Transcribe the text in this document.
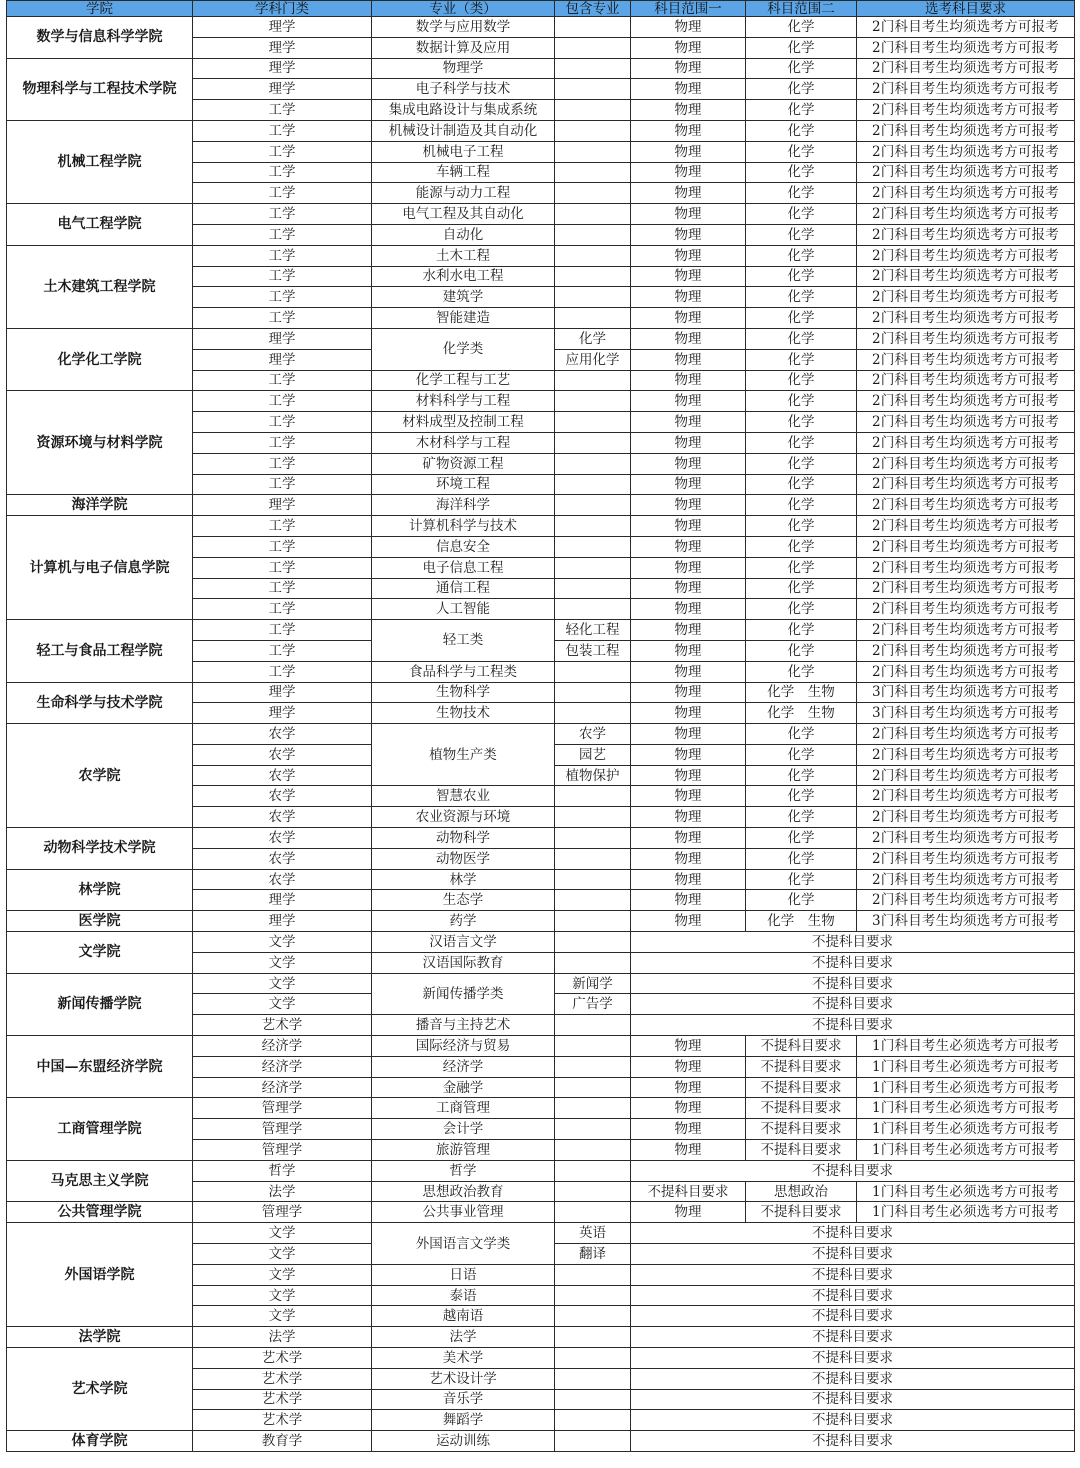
学院	学科门类	专业（类）	包含专业	科目范围一	科目范围二	选考科目要求
数学与信息科学学院	理学	数学与应用数学		物理	化学	2门科目考生均须选考方可报考
	理学	数据计算及应用		物理	化学	2门科目考生均须选考方可报考
物理科学与工程技术学院	理学	物理学		物理	化学	2门科目考生均须选考方可报考
	理学	电子科学与技术		物理	化学	2门科目考生均须选考方可报考
	工学	集成电路设计与集成系统		物理	化学	2门科目考生均须选考方可报考
机械工程学院	工学	机械设计制造及其自动化		物理	化学	2门科目考生均须选考方可报考
	工学	机械电子工程		物理	化学	2门科目考生均须选考方可报考
	工学	车辆工程		物理	化学	2门科目考生均须选考方可报考
	工学	能源与动力工程		物理	化学	2门科目考生均须选考方可报考
电气工程学院	工学	电气工程及其自动化		物理	化学	2门科目考生均须选考方可报考
	工学	自动化		物理	化学	2门科目考生均须选考方可报考
土木建筑工程学院	工学	土木工程		物理	化学	2门科目考生均须选考方可报考
	工学	水利水电工程		物理	化学	2门科目考生均须选考方可报考
	工学	建筑学		物理	化学	2门科目考生均须选考方可报考
	工学	智能建造		物理	化学	2门科目考生均须选考方可报考
化学化工学院	理学	化学类	化学	物理	化学	2门科目考生均须选考方可报考
	理学		应用化学	物理	化学	2门科目考生均须选考方可报考
	工学	化学工程与工艺		物理	化学	2门科目考生均须选考方可报考
资源环境与材料学院	工学	材料科学与工程		物理	化学	2门科目考生均须选考方可报考
	工学	材料成型及控制工程		物理	化学	2门科目考生均须选考方可报考
	工学	木材科学与工程		物理	化学	2门科目考生均须选考方可报考
	工学	矿物资源工程		物理	化学	2门科目考生均须选考方可报考
	工学	环境工程		物理	化学	2门科目考生均须选考方可报考
海洋学院	理学	海洋科学		物理	化学	2门科目考生均须选考方可报考
计算机与电子信息学院	工学	计算机科学与技术		物理	化学	2门科目考生均须选考方可报考
	工学	信息安全		物理	化学	2门科目考生均须选考方可报考
	工学	电子信息工程		物理	化学	2门科目考生均须选考方可报考
	工学	通信工程		物理	化学	2门科目考生均须选考方可报考
	工学	人工智能		物理	化学	2门科目考生均须选考方可报考
轻工与食品工程学院	工学	轻工类	轻化工程	物理	化学	2门科目考生均须选考方可报考
	工学		包装工程	物理	化学	2门科目考生均须选考方可报考
	工学	食品科学与工程类		物理	化学	2门科目考生均须选考方可报考
生命科学与技术学院	理学	生物科学		物理	化学　生物	3门科目考生均须选考方可报考
	理学	生物技术		物理	化学　生物	3门科目考生均须选考方可报考
农学院	农学	植物生产类	农学	物理	化学	2门科目考生均须选考方可报考
	农学		园艺	物理	化学	2门科目考生均须选考方可报考
	农学		植物保护	物理	化学	2门科目考生均须选考方可报考
	农学	智慧农业		物理	化学	2门科目考生均须选考方可报考
	农学	农业资源与环境		物理	化学	2门科目考生均须选考方可报考
动物科学技术学院	农学	动物科学		物理	化学	2门科目考生均须选考方可报考
	农学	动物医学		物理	化学	2门科目考生均须选考方可报考
林学院	农学	林学		物理	化学	2门科目考生均须选考方可报考
	理学	生态学		物理	化学	2门科目考生均须选考方可报考
医学院	理学	药学		物理	化学　生物	3门科目考生均须选考方可报考
文学院	文学	汉语言文学		不提科目要求		
	文学	汉语国际教育		不提科目要求		
新闻传播学院	文学	新闻传播学类	新闻学	不提科目要求		
	文学		广告学	不提科目要求		
	艺术学	播音与主持艺术		不提科目要求		
中国—东盟经济学院	经济学	国际经济与贸易		物理	不提科目要求	1门科目考生必须选考方可报考
	经济学	经济学		物理	不提科目要求	1门科目考生必须选考方可报考
	经济学	金融学		物理	不提科目要求	1门科目考生必须选考方可报考
工商管理学院	管理学	工商管理		物理	不提科目要求	1门科目考生必须选考方可报考
	管理学	会计学		物理	不提科目要求	1门科目考生必须选考方可报考
	管理学	旅游管理		物理	不提科目要求	1门科目考生必须选考方可报考
马克思主义学院	哲学	哲学		不提科目要求		
	法学	思想政治教育		不提科目要求	思想政治	1门科目考生必须选考方可报考
公共管理学院	管理学	公共事业管理		物理	不提科目要求	1门科目考生必须选考方可报考
外国语学院	文学	外国语言文学类	英语	不提科目要求		
	文学		翻译	不提科目要求		
	文学	日语		不提科目要求		
	文学	泰语		不提科目要求		
	文学	越南语		不提科目要求		
法学院	法学	法学		不提科目要求		
艺术学院	艺术学	美术学		不提科目要求		
	艺术学	艺术设计学		不提科目要求		
	艺术学	音乐学		不提科目要求		
	艺术学	舞蹈学		不提科目要求		
体育学院	教育学	运动训练		不提科目要求		
